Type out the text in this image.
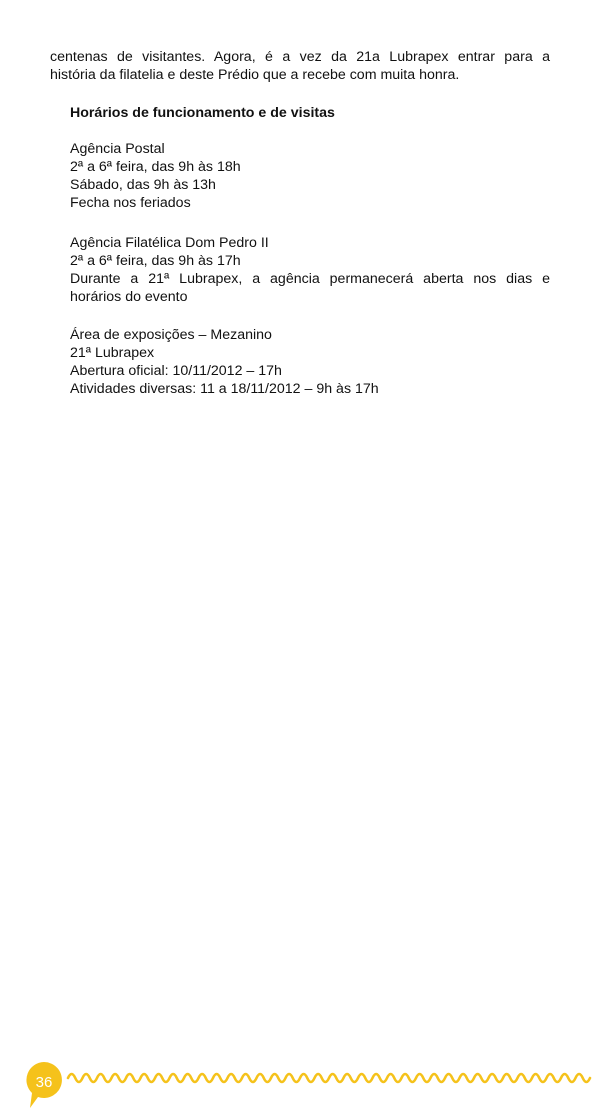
centenas de visitantes. Agora, é a vez da 21a Lubrapex entrar para a
história da filatelia e deste Prédio que a recebe com muita honra.
Horários de funcionamento e de visitas
Agência Postal
2ª a 6ª feira, das 9h às 18h
Sábado, das 9h às 13h
Fecha nos feriados
Agência Filatélica Dom Pedro II
2ª a 6ª feira, das 9h às 17h
Durante a 21ª Lubrapex, a agência permanecerá aberta nos dias e
horários do evento
Área de exposições – Mezanino
21ª Lubrapex
Abertura oficial: 10/11/2012 – 17h
Atividades diversas: 11 a 18/11/2012 – 9h às 17h
36
